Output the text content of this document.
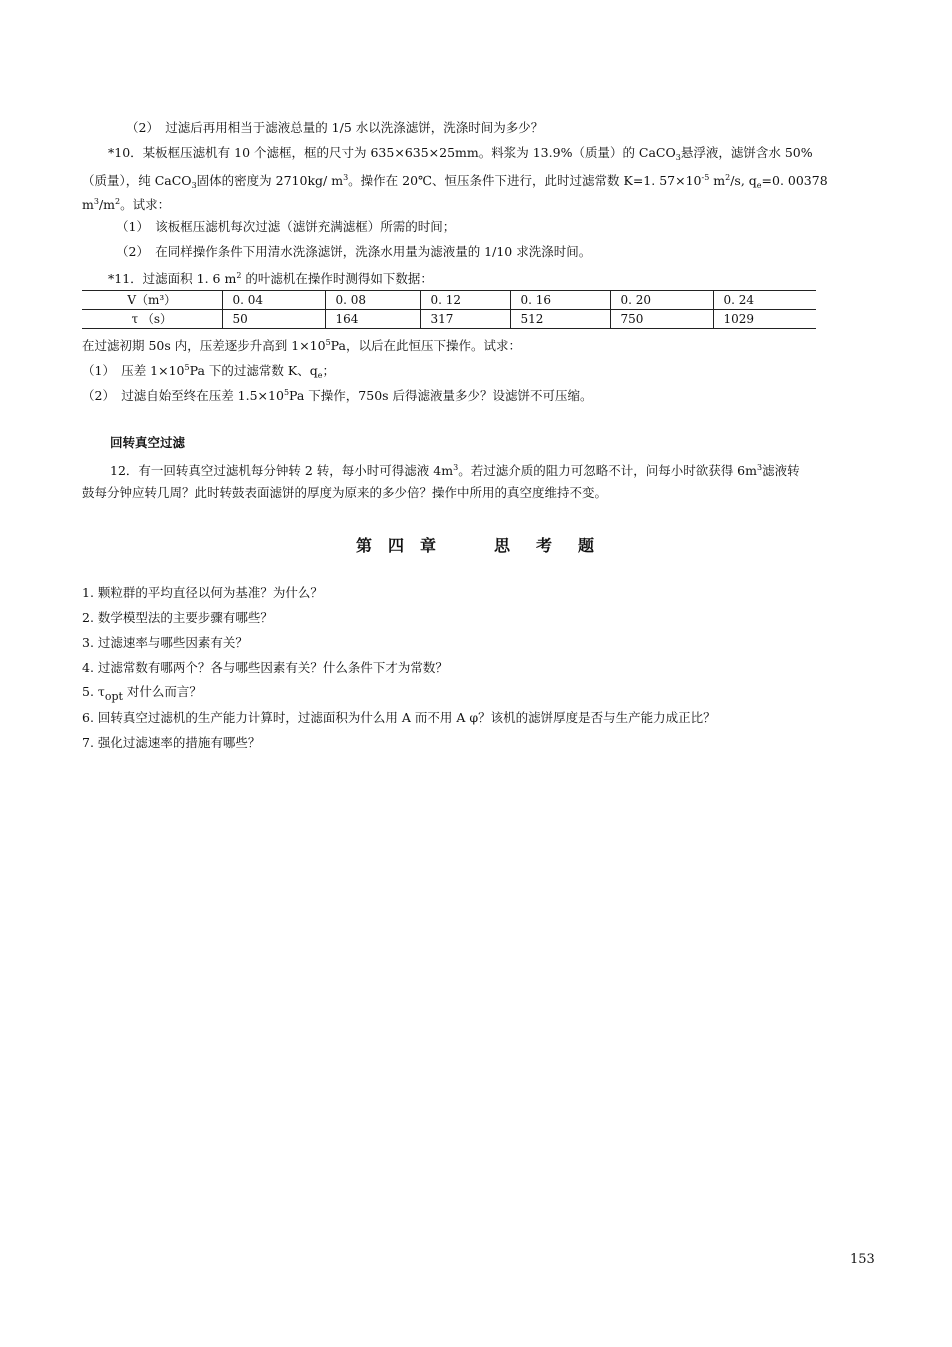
（2）　过滤后再用相当于滤液总量的 1/5 水以洗涤滤饼，洗涤时间为多少？
*10．某板框压滤机有 10 个滤框，框的尺寸为 635×635×25mm。料浆为 13.9%（质量）的 CaCO$_3$悬浮液，滤饼含水 50%
（质量），纯 CaCO$_3$固体的密度为 2710kg/ $m^3$。操作在 20℃、恒压条件下进行，此时过滤常数 K=1. $57\times 10^{-5}$ $m^2/s$, $q_e=0$. 00378
$m^3/m^2$。试求：
（1）　该板框压滤机每次过滤（滤饼充满滤框）所需的时间；
（2）　在同样操作条件下用清水洗涤滤饼，洗涤水用量为滤液量的 1/10 求洗涤时间。
*11．过滤面积 1. 6 $m^2$ 的叶滤机在操作时测得如下数据：
V（m³）	0. 04	0. 08	0. 12	0. 16	0. 20	0. 24
τ （s）	50	164	317	512	750	1029
在过滤初期 50s 内，压差逐步升高到 $1\times 10^5Pa$，以后在此恒压下操作。试求：
（1）　压差 $1\times 10^5Pa$ 下的过滤常数 K、$q_e$；
（2）　过滤自始至终在压差 $1.5\times 10^5Pa$ 下操作，750s 后得滤液量多少？设滤饼不可压缩。
回转真空过滤
12．有一回转真空过滤机每分钟转 2 转，每小时可得滤液 $4m^3$。若过滤介质的阻力可忽略不计，问每小时欲获得 $6m^3$滤液转
鼓每分钟应转几周？此时转鼓表面滤饼的厚度为原来的多少倍？操作中所用的真空度维持不变。
第 四 章	思 考 题
1. 颗粒群的平均直径以何为基准？为什么？
2. 数学模型法的主要步骤有哪些？
3. 过滤速率与哪些因素有关？
4. 过滤常数有哪两个？各与哪些因素有关？什么条件下才为常数？
5. τopt 对什么而言？
6. 回转真空过滤机的生产能力计算时，过滤面积为什么用 A 而不用 A φ？该机的滤饼厚度是否与生产能力成正比？
7. 强化过滤速率的措施有哪些？
153
